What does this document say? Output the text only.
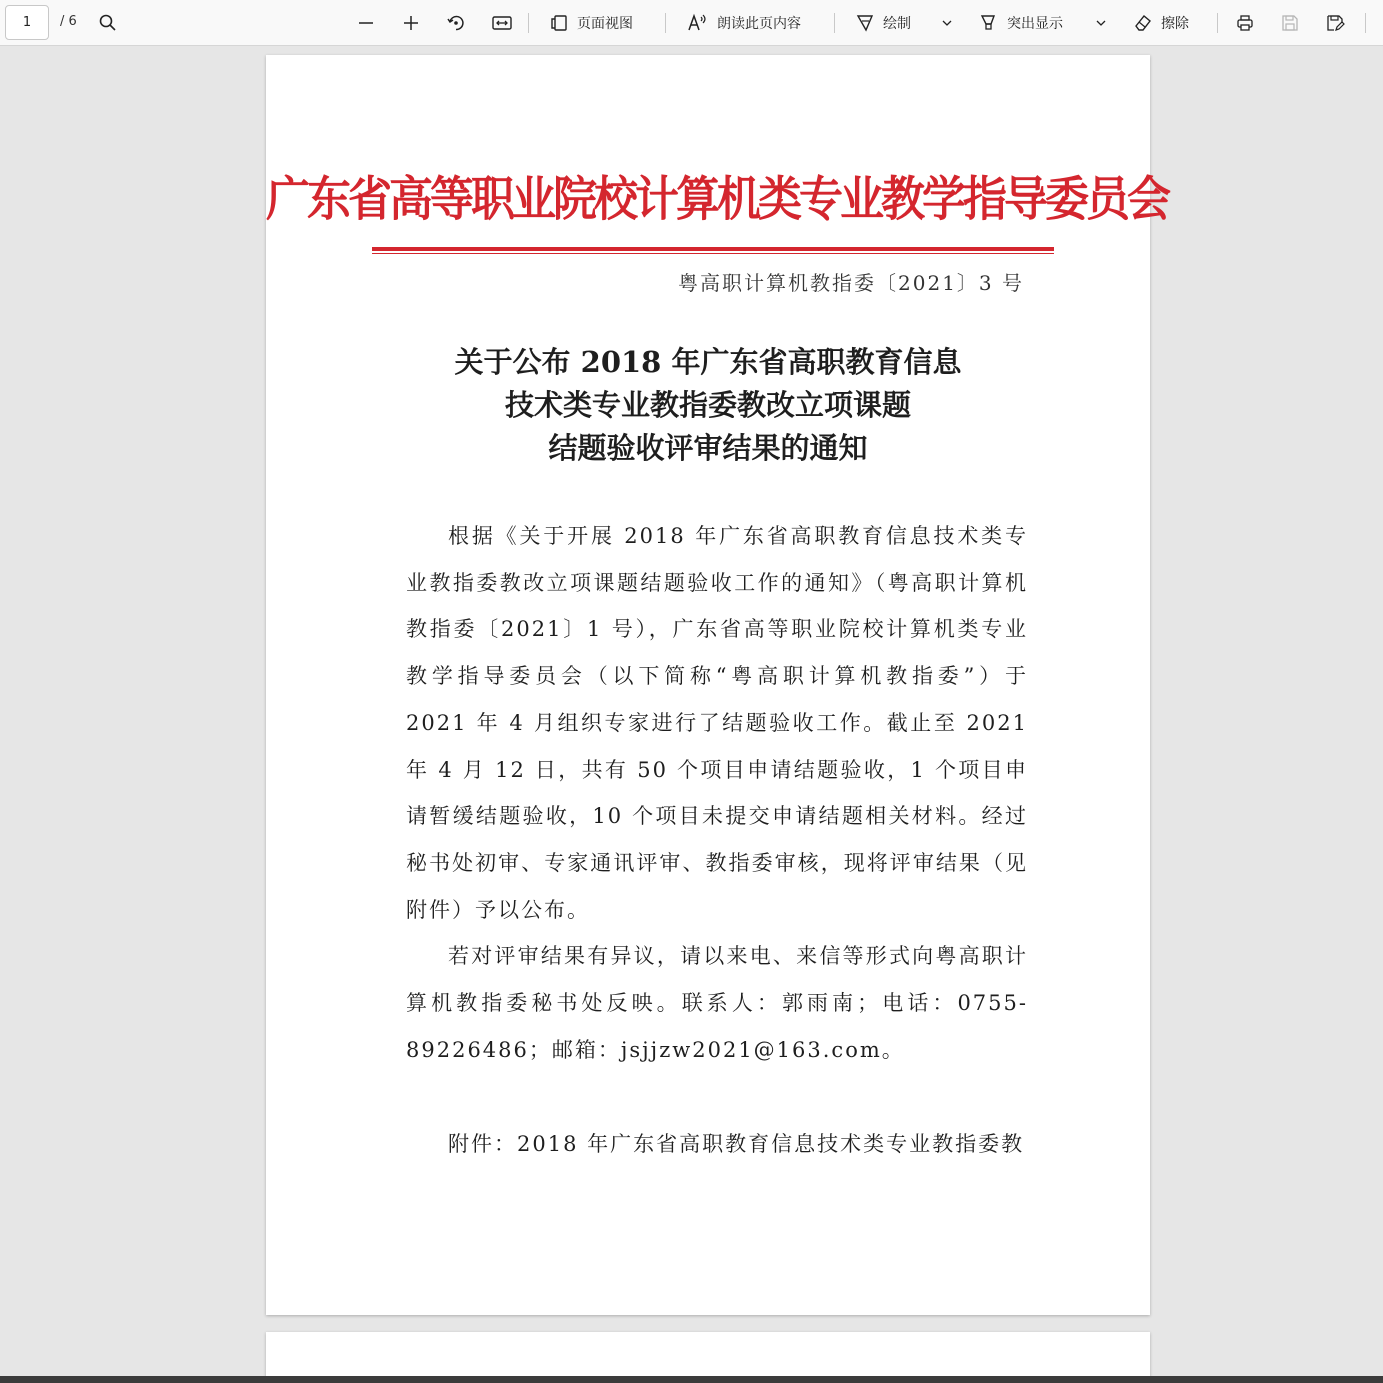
1
/ 6	页面视图	朗读此页内容	绘制	突出显示	擦除
广东省高等职业院校计算机类专业教学指导委员会
粤高职计算机教指委〔2021〕3 号
关于公布 2018 年广东省高职教育信息
技术类专业教指委教改立项课题
结题验收评审结果的通知

根据《关于开展 2018 年广东省高职教育信息技术类专业教指委教改立项课题结题验收工作的通知》（粤高职计算机教指委〔2021〕1 号），广东省高等职业院校计算机类专业教学指导委员会（以下简称“粤高职计算机教指委”）于 2021 年 4 月组织专家进行了结题验收工作。截止至 2021 年 4 月 12 日，共有 50 个项目申请结题验收，1 个项目申请暂缓结题验收，10 个项目未提交申请结题相关材料。经过秘书处初审、专家通讯评审、教指委审核，现将评审结果（见附件）予以公布。

若对评审结果有异议，请以来电、来信等形式向粤高职计算机教指委秘书处反映。联系人：郭雨南；电话：0755-89226486；邮箱：jsjjzw2021@163.com。

附件：2018 年广东省高职教育信息技术类专业教指委教
